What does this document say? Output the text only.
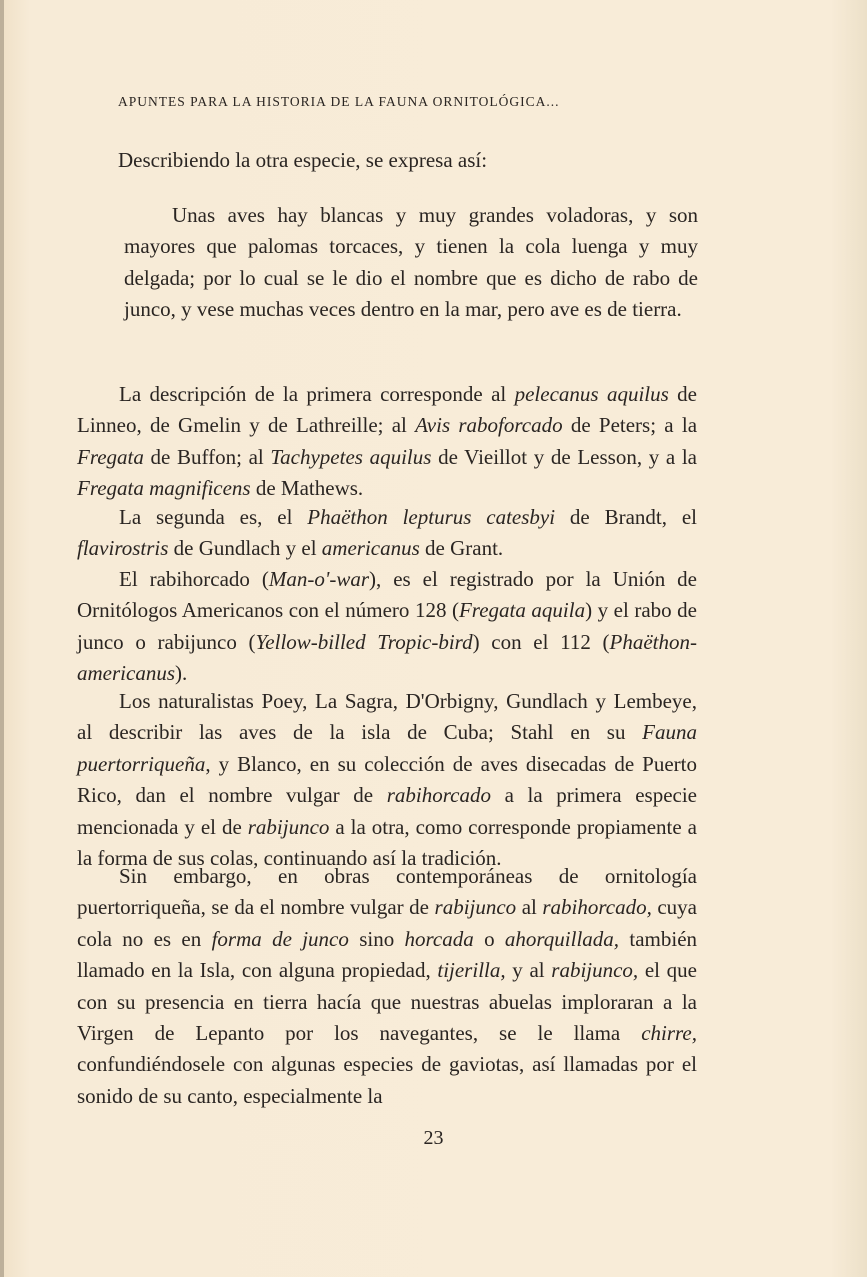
APUNTES PARA LA HISTORIA DE LA FAUNA ORNITOLÓGICA...
Describiendo la otra especie, se expresa así:
Unas aves hay blancas y muy grandes voladoras, y son mayores que palomas torcaces, y tienen la cola luenga y muy delgada; por lo cual se le dio el nombre que es dicho de rabo de junco, y vese muchas veces dentro en la mar, pero ave es de tierra.
La descripción de la primera corresponde al pelecanus aquilus de Linneo, de Gmelin y de Lathreille; al Avis raboforcado de Peters; a la Fregata de Buffon; al Tachypetes aquilus de Vieillot y de Lesson, y a la Fregata magnificens de Mathews.
La segunda es, el Phaëthon lepturus catesbyi de Brandt, el flavirostris de Gundlach y el americanus de Grant.
El rabihorcado (Man-o'-war), es el registrado por la Unión de Ornitólogos Americanos con el número 128 (Fregata aquila) y el rabo de junco o rabijunco (Yellow-billed Tropic-bird) con el 112 (Phaëthon-americanus).
Los naturalistas Poey, La Sagra, D'Orbigny, Gundlach y Lembeye, al describir las aves de la isla de Cuba; Stahl en su Fauna puertorriqueña, y Blanco, en su colección de aves disecadas de Puerto Rico, dan el nombre vulgar de rabihorcado a la primera especie mencionada y el de rabijunco a la otra, como corresponde propiamente a la forma de sus colas, continuando así la tradición.
Sin embargo, en obras contemporáneas de ornitología puertorriqueña, se da el nombre vulgar de rabijunco al rabihorcado, cuya cola no es en forma de junco sino horcada o ahorquillada, también llamado en la Isla, con alguna propiedad, tijerilla, y al rabijunco, el que con su presencia en tierra hacía que nuestras abuelas imploraran a la Virgen de Lepanto por los navegantes, se le llama chirre, confundiéndosele con algunas especies de gaviotas, así llamadas por el sonido de su canto, especialmente la
23
